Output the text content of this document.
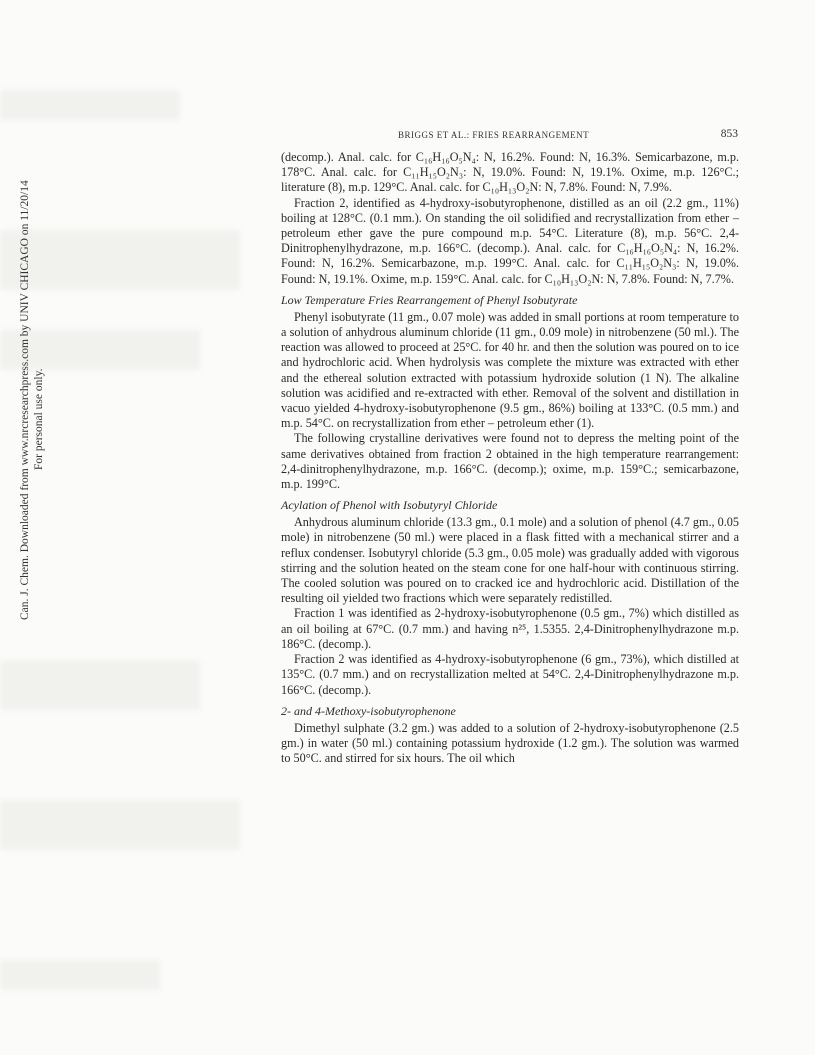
Can. J. Chem. Downloaded from www.nrcresearchpress.com by UNIV CHICAGO on 11/20/14 For personal use only.
BRIGGS ET AL.: FRIES REARRANGEMENT	853

(decomp.). Anal. calc. for C₁₆H₁₆O₅N₄: N, 16.2%. Found: N, 16.3%. Semicarbazone, m.p. 178°C. Anal. calc. for C₁₁H₁₅O₂N₃: N, 19.0%. Found: N, 19.1%. Oxime, m.p. 126°C.; literature (8), m.p. 129°C. Anal. calc. for C₁₀H₁₃O₂N: N, 7.8%. Found: N, 7.9%.

Fraction 2, identified as 4-hydroxy-isobutyrophenone, distilled as an oil (2.2 gm., 11%) boiling at 128°C. (0.1 mm.). On standing the oil solidified and recrystallization from ether – petroleum ether gave the pure compound m.p. 54°C. Literature (8), m.p. 56°C. 2,4-Dinitrophenylhydrazone, m.p. 166°C. (decomp.). Anal. calc. for C₁₆H₁₆O₅N₄: N, 16.2%. Found: N, 16.2%. Semicarbazone, m.p. 199°C. Anal. calc. for C₁₁H₁₅O₂N₃: N, 19.0%. Found: N, 19.1%. Oxime, m.p. 159°C. Anal. calc. for C₁₀H₁₃O₂N: N, 7.8%. Found: N, 7.7%.

Low Temperature Fries Rearrangement of Phenyl Isobutyrate

Phenyl isobutyrate (11 gm., 0.07 mole) was added in small portions at room temperature to a solution of anhydrous aluminum chloride (11 gm., 0.09 mole) in nitrobenzene (50 ml.). The reaction was allowed to proceed at 25°C. for 40 hr. and then the solution was poured on to ice and hydrochloric acid. When hydrolysis was complete the mixture was extracted with ether and the ethereal solution extracted with potassium hydroxide solution (1 N). The alkaline solution was acidified and re-extracted with ether. Removal of the solvent and distillation in vacuo yielded 4-hydroxy-isobutyrophenone (9.5 gm., 86%) boiling at 133°C. (0.5 mm.) and m.p. 54°C. on recrystallization from ether – petroleum ether (1).

The following crystalline derivatives were found not to depress the melting point of the same derivatives obtained from fraction 2 obtained in the high temperature rearrangement: 2,4-dinitrophenylhydrazone, m.p. 166°C. (decomp.); oxime, m.p. 159°C.; semicarbazone, m.p. 199°C.

Acylation of Phenol with Isobutyryl Chloride

Anhydrous aluminum chloride (13.3 gm., 0.1 mole) and a solution of phenol (4.7 gm., 0.05 mole) in nitrobenzene (50 ml.) were placed in a flask fitted with a mechanical stirrer and a reflux condenser. Isobutyryl chloride (5.3 gm., 0.05 mole) was gradually added with vigorous stirring and the solution heated on the steam cone for one half-hour with continuous stirring. The cooled solution was poured on to cracked ice and hydrochloric acid. Distillation of the resulting oil yielded two fractions which were separately redistilled.

Fraction 1 was identified as 2-hydroxy-isobutyrophenone (0.5 gm., 7%) which distilled as an oil boiling at 67°C. (0.7 mm.) and having n²⁵, 1.5355. 2,4-Dinitrophenylhydrazone m.p. 186°C. (decomp.).

Fraction 2 was identified as 4-hydroxy-isobutyrophenone (6 gm., 73%), which distilled at 135°C. (0.7 mm.) and on recrystallization melted at 54°C. 2,4-Dinitrophenylhydrazone m.p. 166°C. (decomp.).

2- and 4-Methoxy-isobutyrophenone

Dimethyl sulphate (3.2 gm.) was added to a solution of 2-hydroxy-isobutyrophenone (2.5 gm.) in water (50 ml.) containing potassium hydroxide (1.2 gm.). The solution was warmed to 50°C. and stirred for six hours. The oil which
